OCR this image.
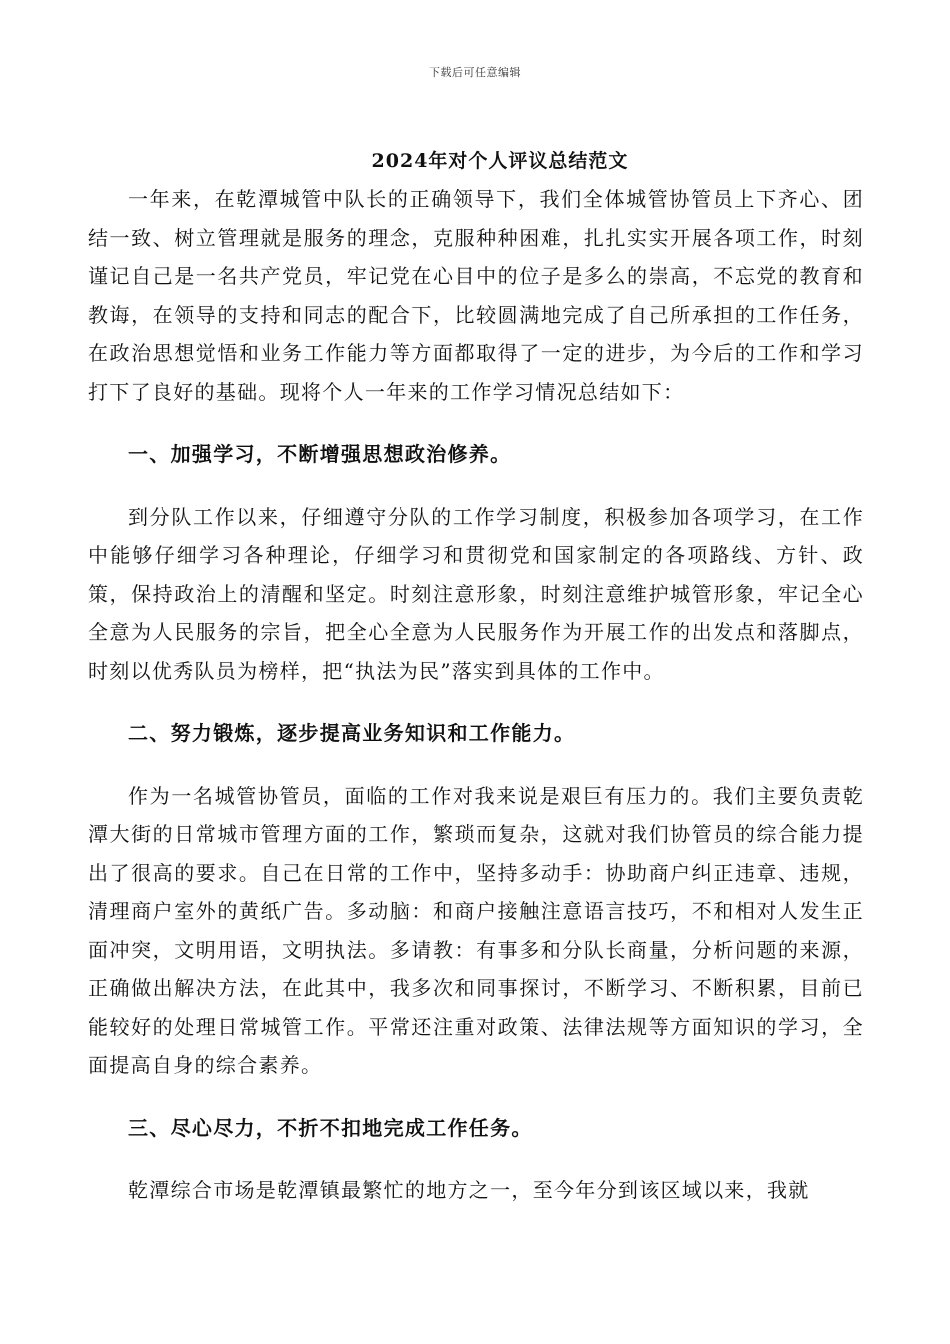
下载后可任意编辑
2024年对个人评议总结范文

一年来，在乾潭城管中队长的正确领导下，我们全体城管协管员上下齐心、团结一致、树立管理就是服务的理念，克服种种困难，扎扎实实开展各项工作，时刻谨记自己是一名共产党员，牢记党在心目中的位子是多么的崇高，不忘党的教育和教诲，在领导的支持和同志的配合下，比较圆满地完成了自己所承担的工作任务，在政治思想觉悟和业务工作能力等方面都取得了一定的进步，为今后的工作和学习打下了良好的基础。现将个人一年来的工作学习情况总结如下：

一、加强学习，不断增强思想政治修养。

到分队工作以来，仔细遵守分队的工作学习制度，积极参加各项学习，在工作中能够仔细学习各种理论，仔细学习和贯彻党和国家制定的各项路线、方针、政策，保持政治上的清醒和坚定。时刻注意形象，时刻注意维护城管形象，牢记全心全意为人民服务的宗旨，把全心全意为人民服务作为开展工作的出发点和落脚点，时刻以优秀队员为榜样，把“执法为民”落实到具体的工作中。

二、努力锻炼，逐步提高业务知识和工作能力。

作为一名城管协管员，面临的工作对我来说是艰巨有压力的。我们主要负责乾潭大街的日常城市管理方面的工作，繁琐而复杂，这就对我们协管员的综合能力提出了很高的要求。自己在日常的工作中，坚持多动手：协助商户纠正违章、违规，清理商户室外的黄纸广告。多动脑：和商户接触注意语言技巧，不和相对人发生正面冲突，文明用语，文明执法。多请教：有事多和分队长商量，分析问题的来源，正确做出解决方法，在此其中，我多次和同事探讨，不断学习、不断积累，目前已能较好的处理日常城管工作。平常还注重对政策、法律法规等方面知识的学习，全面提高自身的综合素养。

三、尽心尽力，不折不扣地完成工作任务。

乾潭综合市场是乾潭镇最繁忙的地方之一，至今年分到该区域以来，我就
